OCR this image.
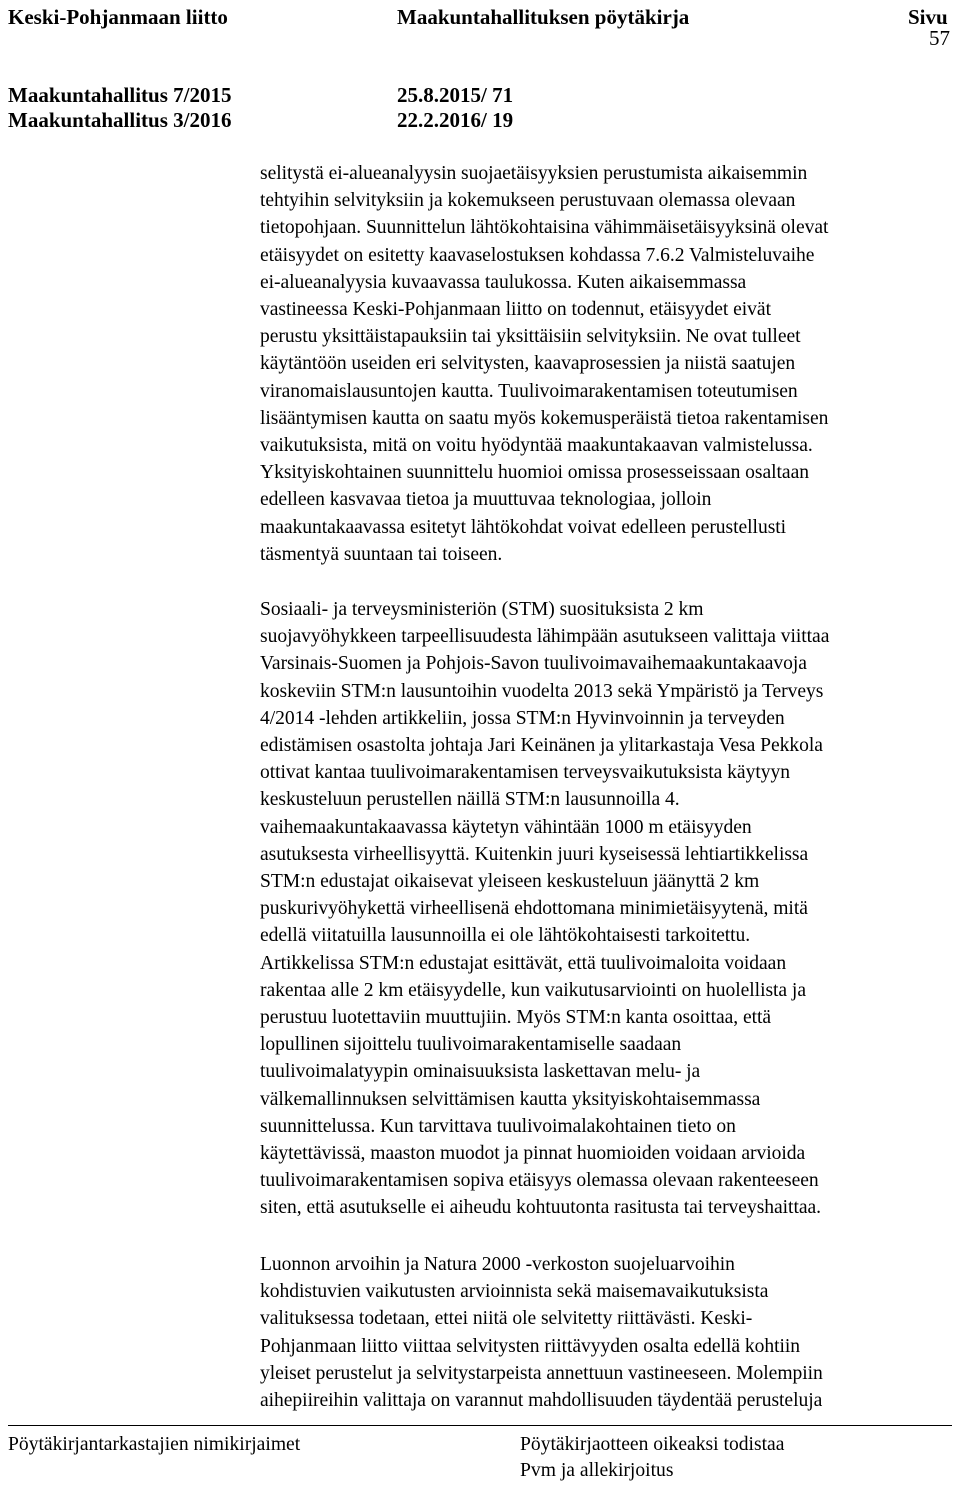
Keski-Pohjanmaan liitto	Maakuntahallituksen pöytäkirja	Sivu
57
Maakuntahallitus 7/2015	25.8.2015/ 71
Maakuntahallitus 3/2016	22.2.2016/ 19
selitystä ei-alueanalyysin suojaetäisyyksien perustumista aikaisemmin
tehtyihin selvityksiin ja kokemukseen perustuvaan olemassa olevaan
tietopohjaan. Suunnittelun lähtökohtaisina vähimmäisetäisyyksinä olevat
etäisyydet on esitetty kaavaselostuksen kohdassa 7.6.2 Valmisteluvaihe
ei-alueanalyysia kuvaavassa taulukossa. Kuten aikaisemmassa
vastineessa Keski-Pohjanmaan liitto on todennut, etäisyydet eivät
perustu yksittäistapauksiin tai yksittäisiin selvityksiin. Ne ovat tulleet
käytäntöön useiden eri selvitysten, kaavaprosessien ja niistä saatujen
viranomaislausuntojen kautta. Tuulivoimarakentamisen toteutumisen
lisääntymisen kautta on saatu myös kokemusperäistä tietoa rakentamisen
vaikutuksista, mitä on voitu hyödyntää maakuntakaavan valmistelussa.
Yksityiskohtainen suunnittelu huomioi omissa prosesseissaan osaltaan
edelleen kasvavaa tietoa ja muuttuvaa teknologiaa, jolloin
maakuntakaavassa esitetyt lähtökohdat voivat edelleen perustellusti
täsmentyä suuntaan tai toiseen.
Sosiaali- ja terveysministeriön (STM) suosituksista 2 km
suojavyöhykkeen tarpeellisuudesta lähimpään asutukseen valittaja viittaa
Varsinais-Suomen ja Pohjois-Savon tuulivoimavaihemaakuntakaavoja
koskeviin STM:n lausuntoihin vuodelta 2013 sekä Ympäristö ja Terveys
4/2014 -lehden artikkeliin, jossa STM:n Hyvinvoinnin ja terveyden
edistämisen osastolta johtaja Jari Keinänen ja ylitarkastaja Vesa Pekkola
ottivat kantaa tuulivoimarakentamisen terveysvaikutuksista käytyyn
keskusteluun perustellen näillä STM:n lausunnoilla 4.
vaihemaakuntakaavassa käytetyn vähintään 1000 m etäisyyden
asutuksesta virheellisyyttä. Kuitenkin juuri kyseisessä lehtiartikkelissa
STM:n edustajat oikaisevat yleiseen keskusteluun jäänyttä 2 km
puskurivyöhykettä virheellisenä ehdottomana minimietäisyytenä, mitä
edellä viitatuilla lausunnoilla ei ole lähtökohtaisesti tarkoitettu.
Artikkelissa STM:n edustajat esittävät, että tuulivoimaloita voidaan
rakentaa alle 2 km etäisyydelle, kun vaikutusarviointi on huolellista ja
perustuu luotettaviin muuttujiin. Myös STM:n kanta osoittaa, että
lopullinen sijoittelu tuulivoimarakentamiselle saadaan
tuulivoimalatyypin ominaisuuksista laskettavan melu- ja
välkemallinnuksen selvittämisen kautta yksityiskohtaisemmassa
suunnittelussa. Kun tarvittava tuulivoimalakohtainen tieto on
käytettävissä, maaston muodot ja pinnat huomioiden voidaan arvioida
tuulivoimarakentamisen sopiva etäisyys olemassa olevaan rakenteeseen
siten, että asutukselle ei aiheudu kohtuutonta rasitusta tai terveyshaittaa.
Luonnon arvoihin ja Natura 2000 -verkoston suojeluarvoihin
kohdistuvien vaikutusten arvioinnista sekä maisemavaikutuksista
valituksessa todetaan, ettei niitä ole selvitetty riittävästi. Keski-
Pohjanmaan liitto viittaa selvitysten riittävyyden osalta edellä kohtiin
yleiset perustelut ja selvitystarpeista annettuun vastineeseen. Molempiin
aihepiireihin valittaja on varannut mahdollisuuden täydentää perusteluja
Pöytäkirjantarkastajien nimikirjaimet	Pöytäkirjaotteen oikeaksi todistaa
Pvm ja allekirjoitus
